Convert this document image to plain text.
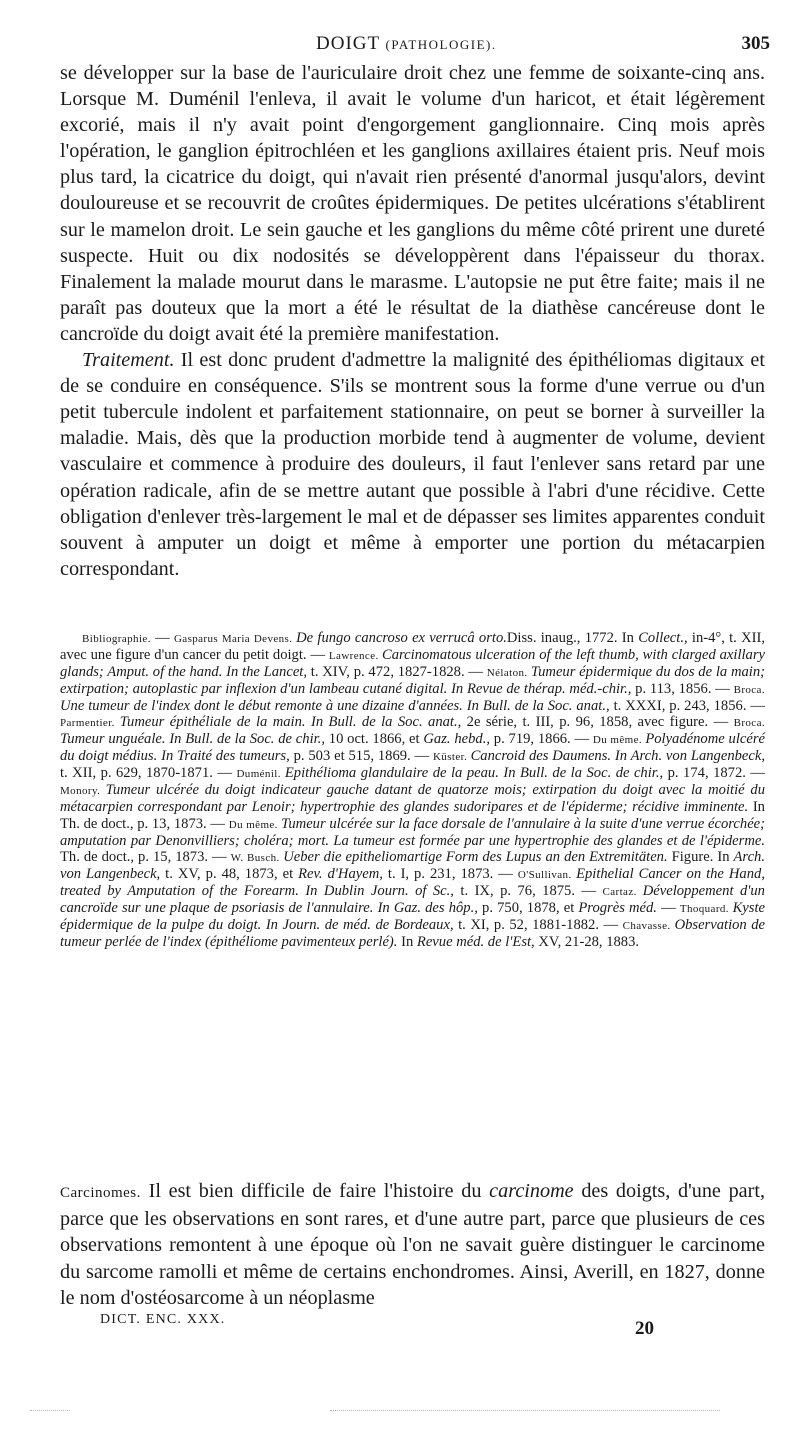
DOIGT (PATHOLOGIE).	305

se développer sur la base de l'auriculaire droit chez une femme de soixante-cinq ans. Lorsque M. Duménil l'enleva, il avait le volume d'un haricot, et était légèrement excorié, mais il n'y avait point d'engorgement ganglionnaire. Cinq mois après l'opération, le ganglion épitrochléen et les ganglions axillaires étaient pris. Neuf mois plus tard, la cicatrice du doigt, qui n'avait rien présenté d'anormal jusqu'alors, devint douloureuse et se recouvrit de croûtes épidermiques. De petites ulcérations s'établirent sur le mamelon droit. Le sein gauche et les ganglions du même côté prirent une dureté suspecte. Huit ou dix nodosités se développèrent dans l'épaisseur du thorax. Finalement la malade mourut dans le marasme. L'autopsie ne put être faite; mais il ne paraît pas douteux que la mort a été le résultat de la diathèse cancéreuse dont le cancroïde du doigt avait été la première manifestation.

Traitement. Il est donc prudent d'admettre la malignité des épithéliomas digitaux et de se conduire en conséquence. S'ils se montrent sous la forme d'une verrue ou d'un petit tubercule indolent et parfaitement stationnaire, on peut se borner à surveiller la maladie. Mais, dès que la production morbide tend à augmenter de volume, devient vasculaire et commence à produire des douleurs, il faut l'enlever sans retard par une opération radicale, afin de se mettre autant que possible à l'abri d'une récidive. Cette obligation d'enlever très-largement le mal et de dépasser ses limites apparentes conduit souvent à amputer un doigt et même à emporter une portion du métacarpien correspondant.

Bibliographie. — Gasparus Maria Devens. De fungo cancroso ex verrucâ orto.Diss. inaug., 1772. In Collect., in-4°, t. XII, avec une figure d'un cancer du petit doigt. — Lawrence. Carcinomatous ulceration of the left thumb, with clarged axillary glands; Amput. of the hand. In the Lancet, t. XIV, p. 472, 1827-1828. — Nélaton. Tumeur épidermique du dos de la main; extirpation; autoplastic par inflexion d'un lambeau cutané digital. In Revue de thérap. méd.-chir., p. 113, 1856. — Broca. Une tumeur de l'index dont le début remonte à une dizaine d'années. In Bull. de la Soc. anat., t. XXXI, p. 243, 1856. — Parmentier. Tumeur épithéliale de la main. In Bull. de la Soc. anat., 2e série, t. III, p. 96, 1858, avec figure. — Broca. Tumeur unguéale. In Bull. de la Soc. de chir., 10 oct. 1866, et Gaz. hebd., p. 719, 1866. — Du même. Polyadénome ulcéré du doigt médius. In Traité des tumeurs, p. 503 et 515, 1869. — Küster. Cancroid des Daumens. In Arch. von Langenbeck, t. XII, p. 629, 1870-1871. — Duménil. Epithélioma glandulaire de la peau. In Bull. de la Soc. de chir., p. 174, 1872. — Monory. Tumeur ulcérée du doigt indicateur gauche datant de quatorze mois; extirpation du doigt avec la moitié du métacarpien correspondant par Lenoir; hypertrophie des glandes sudoripares et de l'épiderme; récidive imminente. In Th. de doct., p. 13, 1873. — Du même. Tumeur ulcérée sur la face dorsale de l'annulaire à la suite d'une verrue écorchée; amputation par Denonvilliers; choléra; mort. La tumeur est formée par une hypertrophie des glandes et de l'épiderme. Th. de doct., p. 15, 1873. — W. Busch. Ueber die epitheliomartige Form des Lupus an den Extremitäten. Figure. In Arch. von Langenbeck, t. XV, p. 48, 1873, et Rev. d'Hayem, t. I, p. 231, 1873. — O'Sullivan. Epithelial Cancer on the Hand, treated by Amputation of the Forearm. In Dublin Journ. of Sc., t. IX, p. 76, 1875. — Cartaz. Développement d'un cancroïde sur une plaque de psoriasis de l'annulaire. In Gaz. des hôp., p. 750, 1878, et Progrès méd. — Thoquard. Kyste épidermique de la pulpe du doigt. In Journ. de méd. de Bordeaux, t. XI, p. 52, 1881-1882. — Chavasse. Observation de tumeur perlée de l'index (épithéliome pavimenteux perlé). In Revue méd. de l'Est, XV, 21-28, 1883.

Carcinomes. Il est bien difficile de faire l'histoire du carcinome des doigts, d'une part, parce que les observations en sont rares, et d'une autre part, parce que plusieurs de ces observations remontent à une époque où l'on ne savait guère distinguer le carcinome du sarcome ramolli et même de certains enchondromes. Ainsi, Averill, en 1827, donne le nom d'ostéosarcome à un néoplasme

DICT. ENC. XXX.	20
